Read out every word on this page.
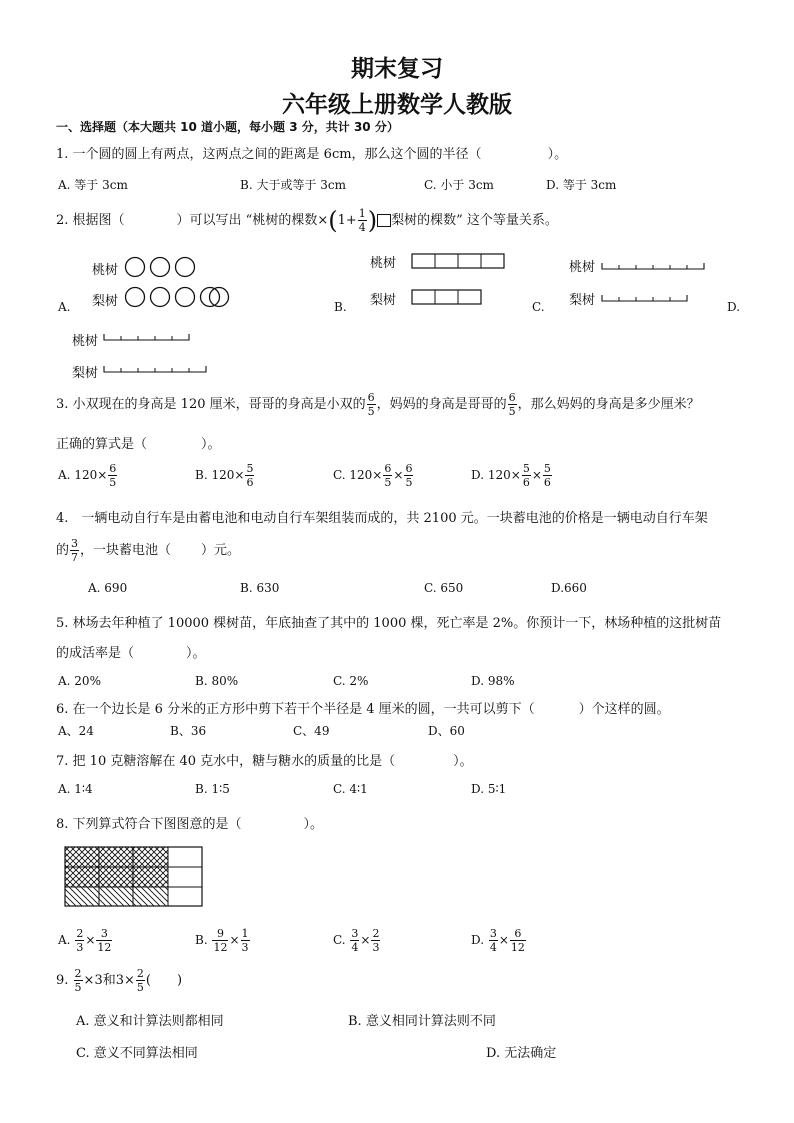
期末复习
六年级上册数学人教版
一、选择题（本大题共 10 道小题，每小题 3 分，共计 30 分）
1. 一个圆的圆上有两点，这两点之间的距离是 6cm，那么这个圆的半径（	）。
A. 等于 3cm	B. 大于或等于 3cm	C. 小于 3cm	D. 等于 3cm
2. 根据图（	）可以写出 “桃树的棵数$\times(1+ \frac{1}{4}$ ) 梨树的棵数” 这个等量关系。
桃树
梨树
A.
桃树
梨树
B.
桃树
梨树
C.	D.
桃树
梨树
3. 小双现在的身高是 120 厘米，哥哥的身高是小双的 $\frac{6}{5}$ ，妈妈的身高是哥哥的 $\frac{6}{5}$ ，那么妈妈的身高是多少厘米？
正确的算式是（	）。
A. $120\times \frac{6}{5}$	B. $120\times \frac{5}{6}$	C. $120\times \frac{6}{5} \times \frac{6}{5}$	D. $120\times \frac{5}{6} \times \frac{5}{6}$
4.　一辆电动自行车是由蓄电池和电动自行车架组装而成的，共 2100 元。一块蓄电池的价格是一辆电动自行车架
的 $\frac{3}{7}$ ，一块蓄电池（ ）元。
A. 690	B. 630	C. 650	D.660
5. 林场去年种植了 10000 棵树苗，年底抽查了其中的 1000 棵，死亡率是 2%。你预计一下，林场种植的这批树苗
的成活率是（	）。
A. 20%	B. 80%	C. 2%	D. 98%
6. 在一个边长是 6 分米的正方形中剪下若干个半径是 4 厘米的圆，一共可以剪下（	）个这样的圆。
A、24	B、36	C、49	D、60
7. 把 10 克糖溶解在 40 克水中，糖与糖水的质量的比是（	）。
A. 1∶4	B. 1∶5	C. 4∶1	D. 5∶1
8. 下列算式符合下图图意的是（	）。
A. $\frac{2}{3} \times \frac{3}{12}$	B. $\frac{9}{12} \times \frac{1}{3}$	C. $\frac{3}{4} \times \frac{2}{3}$	D. $\frac{3}{4} \times \frac{6}{12}$
9. $\frac{2}{5} \times 3$和$3\times \frac{2}{5}$ (　　)
A. 意义和计算法则都相同	B. 意义相同计算法则不同
C. 意义不同算法相同	D. 无法确定
